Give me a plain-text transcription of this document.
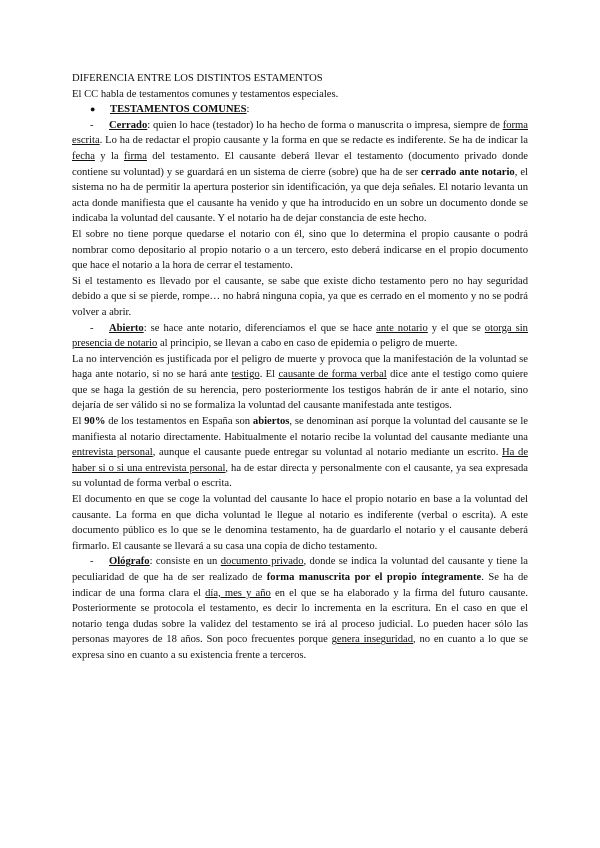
DIFERENCIA ENTRE LOS DISTINTOS ESTAMENTOS

El CC habla de testamentos comunes y testamentos especiales.

●	TESTAMENTOS COMUNES:

- Cerrado: quien lo hace (testador) lo ha hecho de forma o manuscrita o impresa, siempre de forma escrita. Lo ha de redactar el propio causante y la forma en que se redacte es indiferente. Se ha de indicar la fecha y la firma del testamento. El causante deberá llevar el testamento (documento privado donde contiene su voluntad) y se guardará en un sistema de cierre (sobre) que ha de ser cerrado ante notario, el sistema no ha de permitir la apertura posterior sin identificación, ya que deja señales. El notario levanta un acta donde manifiesta que el causante ha venido y que ha introducido en un sobre un documento donde se indicaba la voluntad del causante. Y el notario ha de dejar constancia de este hecho.

El sobre no tiene porque quedarse el notario con él, sino que lo determina el propio causante o podrá nombrar como depositario al propio notario o a un tercero, esto deberá indicarse en el propio documento que hace el notario a la hora de cerrar el testamento.

Si el testamento es llevado por el causante, se sabe que existe dicho testamento pero no hay seguridad debido a que si se pierde, rompe… no habrá ninguna copia, ya que es cerrado en el momento y no se podrá volver a abrir.

- Abierto: se hace ante notario, diferenciamos el que se hace ante notario y el que se otorga sin presencia de notario al principio, se llevan a cabo en caso de epidemia o peligro de muerte.

La no intervención es justificada por el peligro de muerte y provoca que la manifestación de la voluntad se haga ante notario, si no se hará ante testigo. El causante de forma verbal dice ante el testigo como quiere que se haga la gestión de su herencia, pero posteriormente los testigos habrán de ir ante el notario, sino dejaría de ser válido si no se formaliza la voluntad del causante manifestada ante testigos.

El 90% de los testamentos en España son abiertos, se denominan así porque la voluntad del causante se le manifiesta al notario directamente. Habitualmente el notario recibe la voluntad del causante mediante una entrevista personal, aunque el causante puede entregar su voluntad al notario mediante un escrito. Ha de haber si o si una entrevista personal, ha de estar directa y personalmente con el causante, ya sea expresada su voluntad de forma verbal o escrita.

El documento en que se coge la voluntad del causante lo hace el propio notario en base a la voluntad del causante. La forma en que dicha voluntad le llegue al notario es indiferente (verbal o escrita). A este documento público es lo que se le denomina testamento, ha de guardarlo el notario y el causante deberá firmarlo. El causante se llevará a su casa una copia de dicho testamento.

- Ológrafo: consiste en un documento privado, donde se indica la voluntad del causante y tiene la peculiaridad de que ha de ser realizado de forma manuscrita por el propio íntegramente. Se ha de indicar de una forma clara el día, mes y año en el que se ha elaborado y la firma del futuro causante. Posteriormente se protocola el testamento, es decir lo incrementa en la escritura. En el caso en que el notario tenga dudas sobre la validez del testamento se irá al proceso judicial. Lo pueden hacer sólo las personas mayores de 18 años. Son poco frecuentes porque genera inseguridad, no en cuanto a lo que se expresa sino en cuanto a su existencia frente a terceros.
